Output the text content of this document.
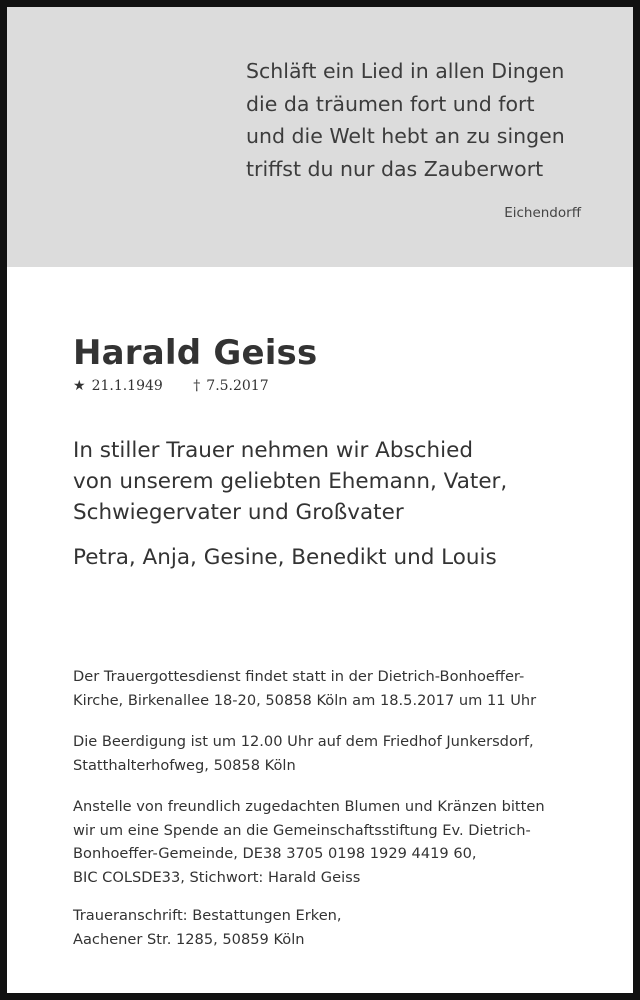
Schläft ein Lied in allen Dingen
die da träumen fort und fort
und die Welt hebt an zu singen
triffst du nur das Zauberwort
Eichendorff
Harald Geiss
★ 21.1.1949 † 7.5.2017
In stiller Trauer nehmen wir Abschied
von unserem geliebten Ehemann, Vater,
Schwiegervater und Großvater
Petra, Anja, Gesine, Benedikt und Louis
Der Trauergottesdienst findet statt in der Dietrich-Bonhoeffer-
Kirche, Birkenallee 18-20, 50858 Köln am 18.5.2017 um 11 Uhr
Die Beerdigung ist um 12.00 Uhr auf dem Friedhof Junkersdorf,
Statthalterhofweg, 50858 Köln
Anstelle von freundlich zugedachten Blumen und Kränzen bitten
wir um eine Spende an die Gemeinschaftsstiftung Ev. Dietrich-
Bonhoeffer-Gemeinde, DE38 3705 0198 1929 4419 60,
BIC COLSDE33, Stichwort: Harald Geiss
Traueranschrift: Bestattungen Erken,
Aachener Str. 1285, 50859 Köln
